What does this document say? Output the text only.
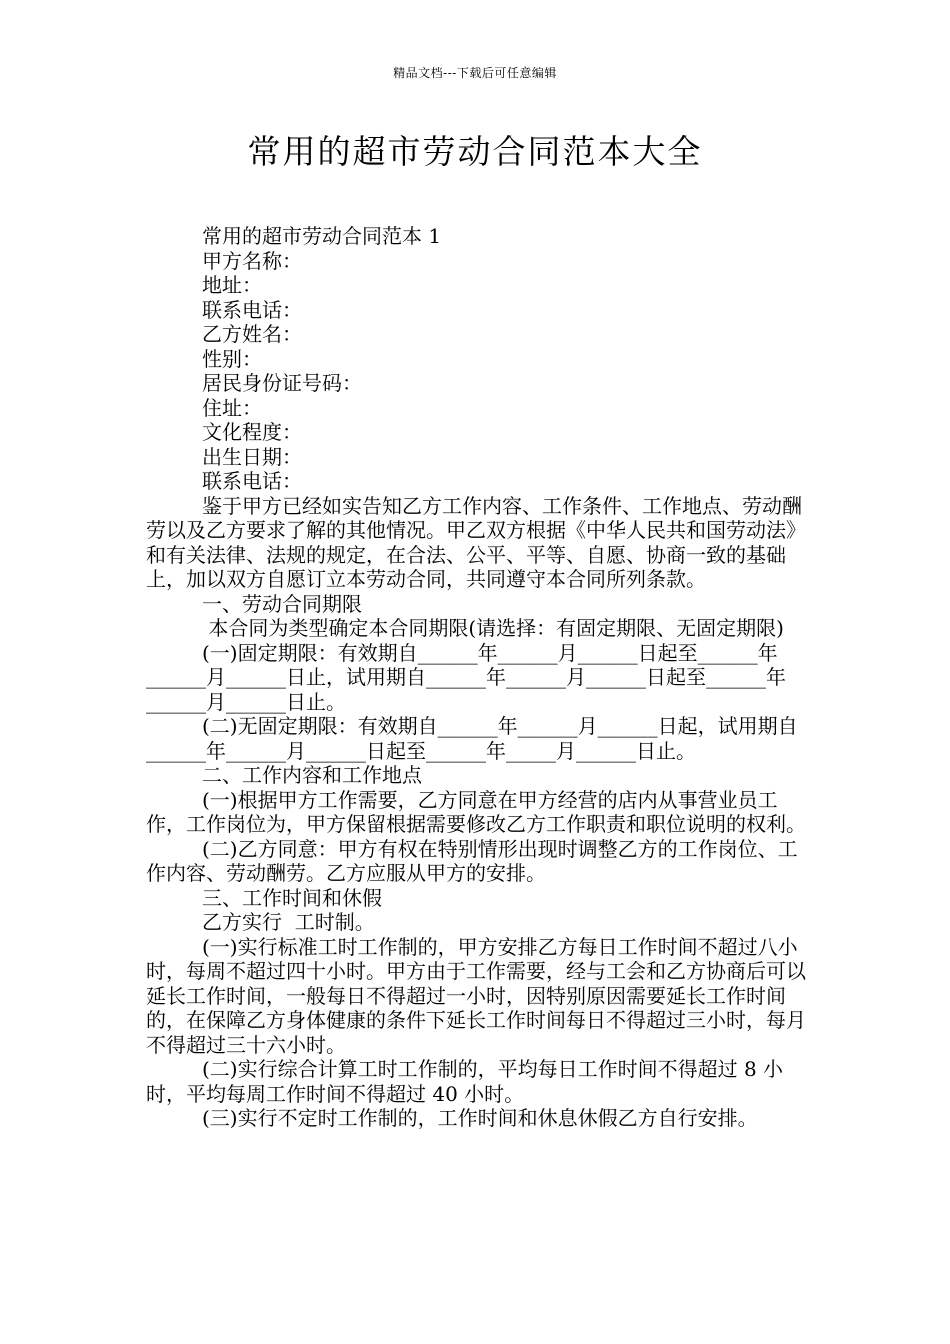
精品文档---下载后可任意编辑
常用的超市劳动合同范本大全

常用的超市劳动合同范本 1

甲方名称：

地址：

联系电话：

乙方姓名：

性别：

居民身份证号码：

住址：

文化程度：

出生日期：

联系电话：

鉴于甲方已经如实告知乙方工作内容、工作条件、工作地点、劳动酬劳以及乙方要求了解的其他情况。甲乙双方根据《中华人民共和国劳动法》和有关法律、法规的规定，在合法、公平、平等、自愿、协商一致的基础上，加以双方自愿订立本劳动合同，共同遵守本合同所列条款。

一、劳动合同期限

本合同为类型确定本合同期限(请选择：有固定期限、无固定期限)

(一)固定期限：有效期自______年______月______日起至______年______月______日止，试用期自______年______月______日起至______年______月______日止。

(二)无固定期限：有效期自______年______月______日起，试用期自______年______月______日起至______年_____月______日止。

二、工作内容和工作地点

(一)根据甲方工作需要，乙方同意在甲方经营的店内从事营业员工作，工作岗位为，甲方保留根据需要修改乙方工作职责和职位说明的权利。

(二)乙方同意：甲方有权在特别情形出现时调整乙方的工作岗位、工作内容、劳动酬劳。乙方应服从甲方的安排。

三、工作时间和休假

乙方实行  工时制。

(一)实行标准工时工作制的，甲方安排乙方每日工作时间不超过八小时，每周不超过四十小时。甲方由于工作需要，经与工会和乙方协商后可以延长工作时间，一般每日不得超过一小时，因特别原因需要延长工作时间的，在保障乙方身体健康的条件下延长工作时间每日不得超过三小时，每月不得超过三十六小时。

(二)实行综合计算工时工作制的，平均每日工作时间不得超过 8 小时，平均每周工作时间不得超过 40 小时。

(三)实行不定时工作制的，工作时间和休息休假乙方自行安排。
